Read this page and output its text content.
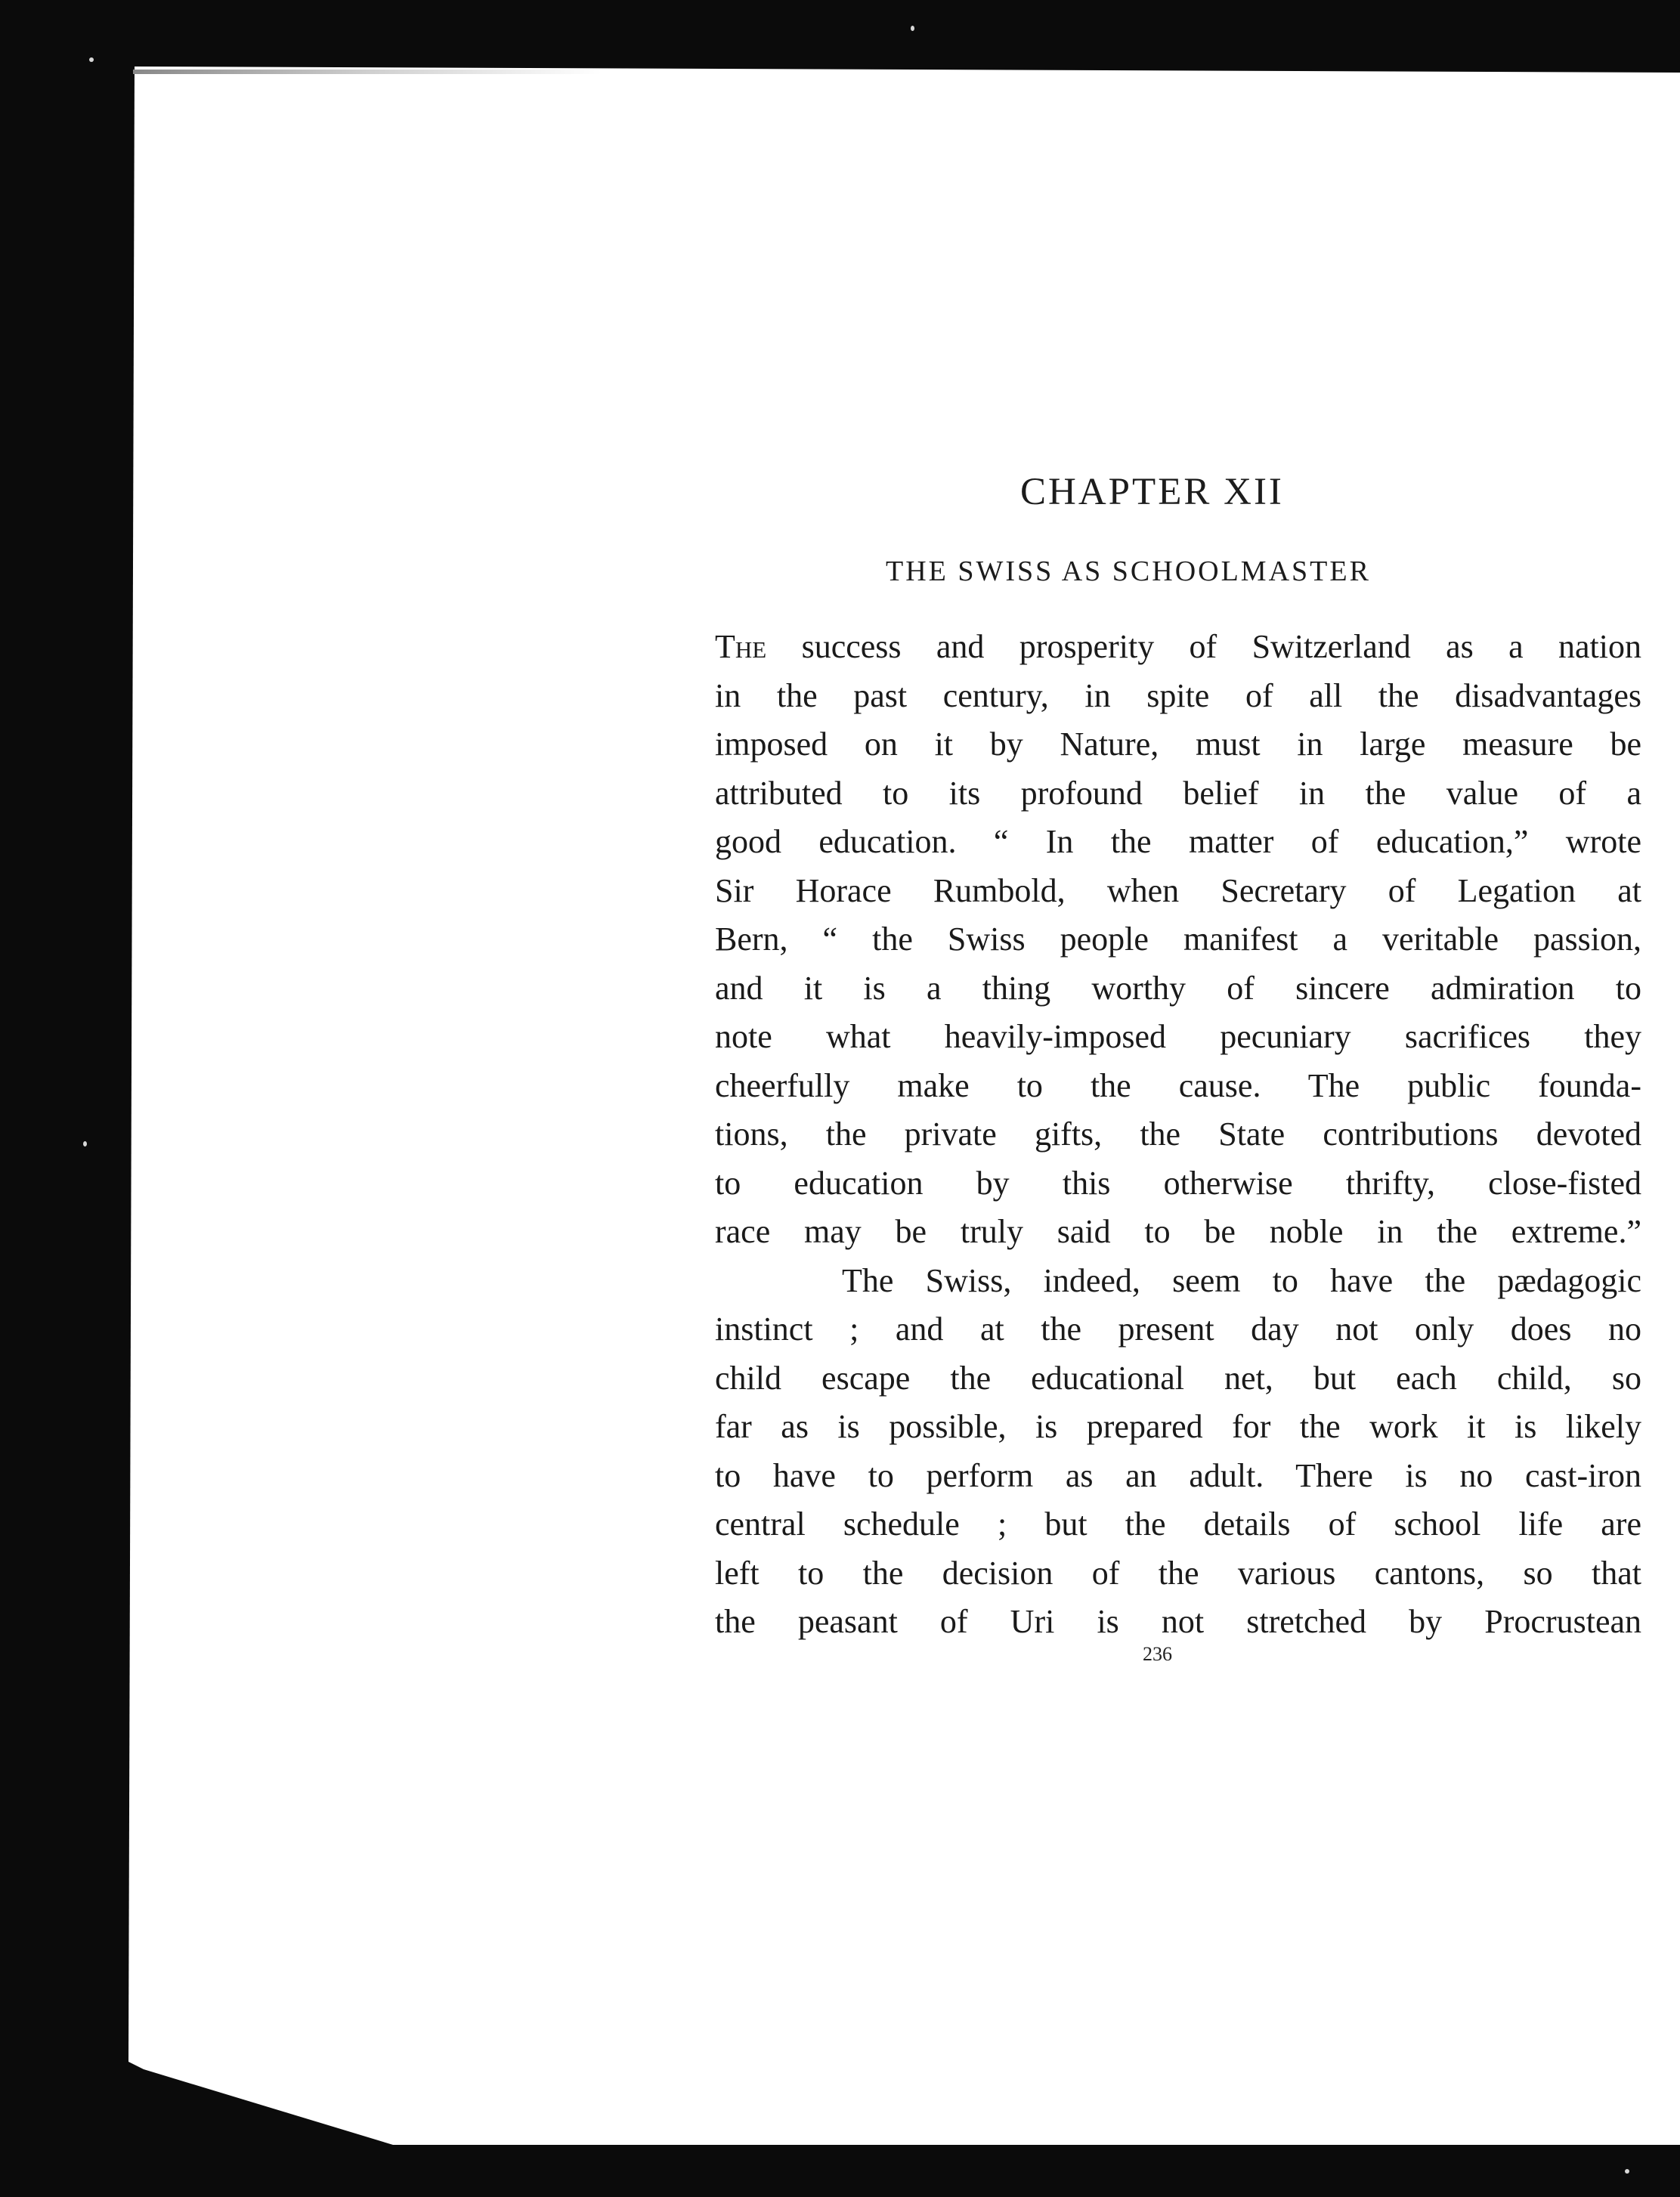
CHAPTER XII
THE SWISS AS SCHOOLMASTER
The success and prosperity of Switzerland as a nation
in the past century, in spite of all the disadvantages
imposed on it by Nature, must in large measure be
attributed to its profound belief in the value of a
good education. “ In the matter of education,” wrote
Sir Horace Rumbold, when Secretary of Legation at
Bern, “ the Swiss people manifest a veritable passion,
and it is a thing worthy of sincere admiration to
note what heavily-imposed pecuniary sacrifices they
cheerfully make to the cause. The public founda-
tions, the private gifts, the State contributions devoted
to education by this otherwise thrifty, close-fisted
race may be truly said to be noble in the extreme.”
The Swiss, indeed, seem to have the pædagogic
instinct ; and at the present day not only does no
child escape the educational net, but each child, so
far as is possible, is prepared for the work it is likely
to have to perform as an adult. There is no cast-iron
central schedule ; but the details of school life are
left to the decision of the various cantons, so that
the peasant of Uri is not stretched by Procrustean
236
